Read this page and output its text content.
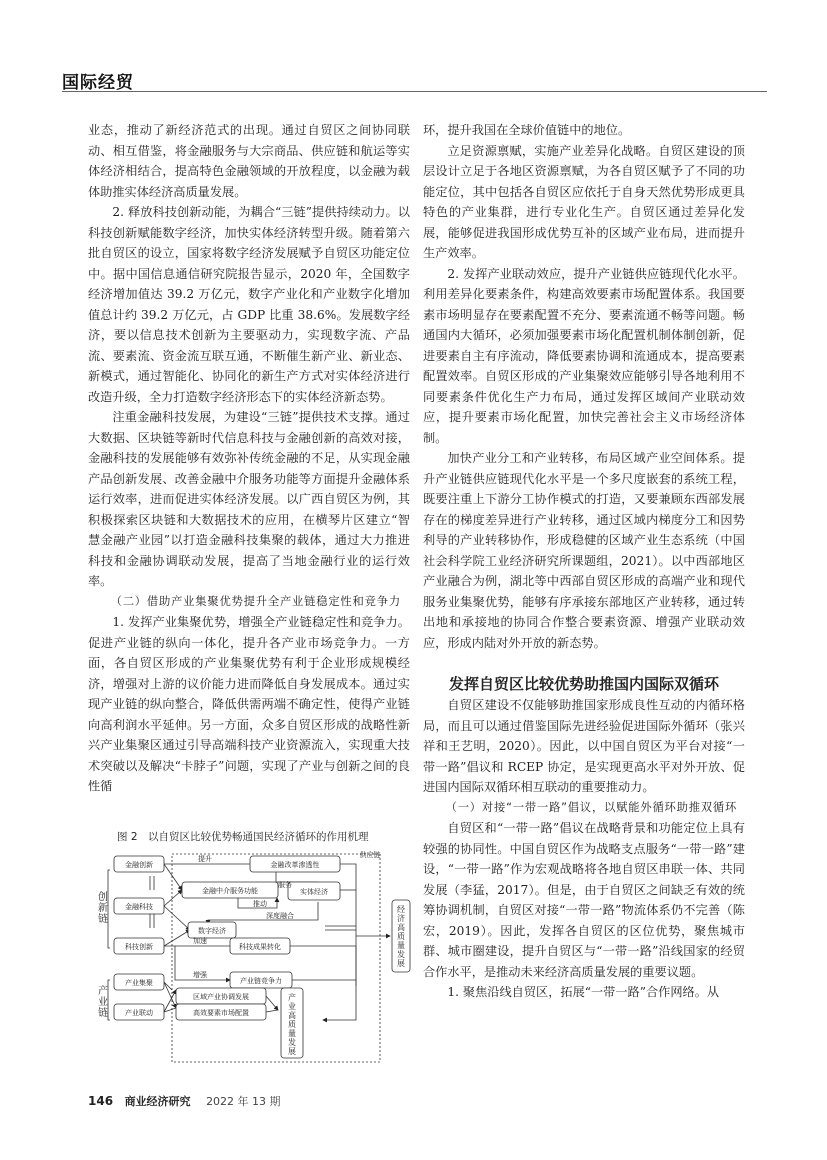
国际经贸

业态，推动了新经济范式的出现。通过自贸区之间协同联动、相互借鉴，将金融服务与大宗商品、供应链和航运等实体经济相结合，提高特色金融领域的开放程度，以金融为载体助推实体经济高质量发展。

2. 释放科技创新动能，为耦合“三链”提供持续动力。以科技创新赋能数字经济，加快实体经济转型升级。随着第六批自贸区的设立，国家将数字经济发展赋予自贸区功能定位中。据中国信息通信研究院报告显示，2020 年，全国数字经济增加值达 39.2 万亿元，数字产业化和产业数字化增加值总计约 39.2 万亿元，占 GDP 比重 38.6%。发展数字经济，要以信息技术创新为主要驱动力，实现数字流、产品流、要素流、资金流互联互通，不断催生新产业、新业态、新模式，通过智能化、协同化的新生产方式对实体经济进行改造升级，全力打造数字经济形态下的实体经济新态势。

注重金融科技发展，为建设“三链”提供技术支撑。通过大数据、区块链等新时代信息科技与金融创新的高效对接，金融科技的发展能够有效弥补传统金融的不足，从实现金融产品创新发展、改善金融中介服务功能等方面提升金融体系运行效率，进而促进实体经济发展。以广西自贸区为例，其积极探索区块链和大数据技术的应用，在横琴片区建立“智慧金融产业园”以打造金融科技集聚的载体，通过大力推进科技和金融协调联动发展，提高了当地金融行业的运行效率。

（二）借助产业集聚优势提升全产业链稳定性和竞争力

1. 发挥产业集聚优势，增强全产业链稳定性和竞争力。促进产业链的纵向一体化，提升各产业市场竞争力。一方面，各自贸区形成的产业集聚优势有利于企业形成规模经济，增强对上游的议价能力进而降低自身发展成本。通过实现产业链的纵向整合，降低供需两端不确定性，使得产业链向高利润水平延伸。另一方面，众多自贸区形成的战略性新兴产业集聚区通过引导高端科技产业资源流入，实现重大技术突破以及解决“卡脖子”问题，实现了产业与创新之间的良性循

环，提升我国在全球价值链中的地位。

立足资源禀赋，实施产业差异化战略。自贸区建设的顶层设计立足于各地区资源禀赋，为各自贸区赋予了不同的功能定位，其中包括各自贸区应依托于自身天然优势形成更具特色的产业集群，进行专业化生产。自贸区通过差异化发展，能够促进我国形成优势互补的区域产业布局，进而提升生产效率。

2. 发挥产业联动效应，提升产业链供应链现代化水平。利用差异化要素条件，构建高效要素市场配置体系。我国要素市场明显存在要素配置不充分、要素流通不畅等问题。畅通国内大循环，必须加强要素市场化配置机制体制创新，促进要素自主有序流动，降低要素协调和流通成本，提高要素配置效率。自贸区形成的产业集聚效应能够引导各地利用不同要素条件优化生产力布局，通过发挥区域间产业联动效应，提升要素市场化配置，加快完善社会主义市场经济体制。

加快产业分工和产业转移，布局区域产业空间体系。提升产业链供应链现代化水平是一个多尺度嵌套的系统工程，既要注重上下游分工协作模式的打造，又要兼顾东西部发展存在的梯度差异进行产业转移，通过区域内梯度分工和因势利导的产业转移协作，形成稳健的区域产业生态系统（中国社会科学院工业经济研究所课题组，2021）。以中西部地区产业融合为例，湖北等中西部自贸区形成的高端产业和现代服务业集聚优势，能够有序承接东部地区产业转移，通过转出地和承接地的协同合作整合要素资源、增强产业联动效应，形成内陆对外开放的新态势。

发挥自贸区比较优势助推国内国际双循环

自贸区建设不仅能够助推国家形成良性互动的内循环格局，而且可以通过借鉴国际先进经验促进国际外循环（张兴祥和王艺明，2020）。因此，以中国自贸区为平台对接“一带一路”倡议和 RCEP 协定，是实现更高水平对外开放、促进国内国际双循环相互联动的重要推动力。

（一）对接“一带一路”倡议，以赋能外循环助推双循环

自贸区和“一带一路”倡议在战略背景和功能定位上具有较强的协同性。中国自贸区作为战略支点服务“一带一路”建设，“一带一路”作为宏观战略将各地自贸区串联一体、共同发展（李猛，2017）。但是，由于自贸区之间缺乏有效的统筹协调机制，自贸区对接“一带一路”物流体系仍不完善（陈宏，2019）。因此，发挥各自贸区的区位优势，聚焦城市群、城市圈建设，提升自贸区与“一带一路”沿线国家的经贸合作水平，是推动未来经济高质量发展的重要议题。

1. 聚焦沿线自贸区，拓展“一带一路”合作网络。从

图 2　以自贸区比较优势畅通国民经济循环的作用机理
金融创新
金融科技
科技创新
产业集聚
产业联动
金融改革渗透性
金融中介服务功能	实体经济
数字经济
科技成果转化
产业链竞争力
区域产业协调发展
高效要素市场配置
提升
服务
推动
深度融合
加速
增强
供应链
创
新
链
产
业
链
产
业
高
质
量
发
展
经
济
高
质
量
发
展
146 商业经济研究 2022 年 13 期
